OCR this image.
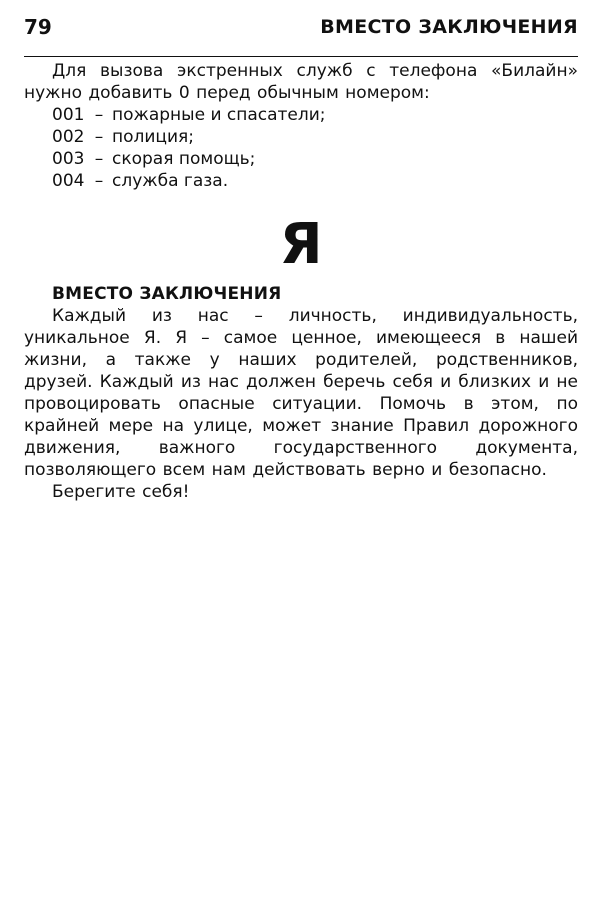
79	ВМЕСТО ЗАКЛЮЧЕНИЯ

Для вызова экстренных служб с телефона «Билайн» нужно добавить 0 перед обычным номером:

001 – пожарные и спасатели;
002 – полиция;
003 – скорая помощь;
004 – служба газа.
Я
ВМЕСТО ЗАКЛЮЧЕНИЯ

Каждый из нас – личность, индивидуальность, уникальное Я. Я – самое ценное, имеющееся в нашей жизни, а также у наших родителей, родственников, друзей. Каждый из нас должен беречь себя и близких и не провоцировать опасные ситуации. Помочь в этом, по крайней мере на улице, может знание Правил дорожного движения, важного государственного документа, позволяющего всем нам действовать верно и безопасно.

Берегите себя!
